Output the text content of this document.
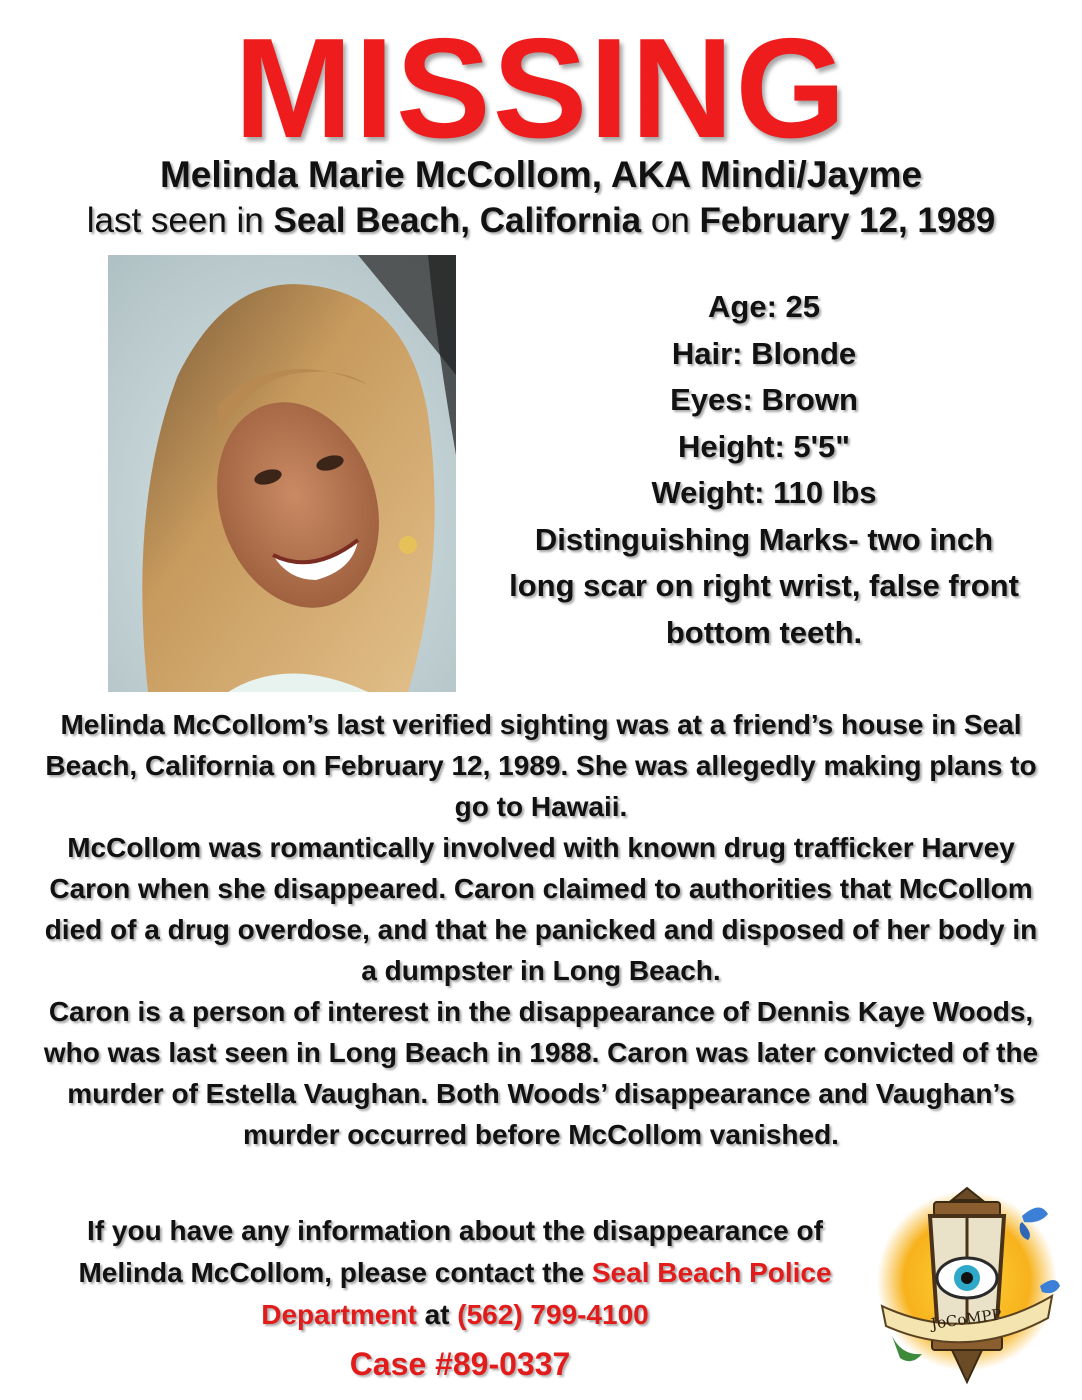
MISSING
Melinda Marie McCollom, AKA Mindi/Jayme
last seen in Seal Beach, California on February 12, 1989
Age: 25
Hair: Blonde
Eyes: Brown
Height: 5'5"
Weight: 110 lbs
Distinguishing Marks- two inch long scar on right wrist, false front bottom teeth.

Melinda McCollom’s last verified sighting was at a friend’s house in Seal Beach, California on February 12, 1989. She was allegedly making plans to go to Hawaii.

McCollom was romantically involved with known drug trafficker Harvey Caron when she disappeared. Caron claimed to authorities that McCollom died of a drug overdose, and that he panicked and disposed of her body in a dumpster in Long Beach.

Caron is a person of interest in the disappearance of Dennis Kaye Woods, who was last seen in Long Beach in 1988. Caron was later convicted of the murder of Estella Vaughan. Both Woods’ disappearance and Vaughan’s murder occurred before McCollom vanished.

If you have any information about the disappearance of Melinda McCollom, please contact the Seal Beach Police Department at (562) 799-4100
Case #89-0337
JoCoMPP
